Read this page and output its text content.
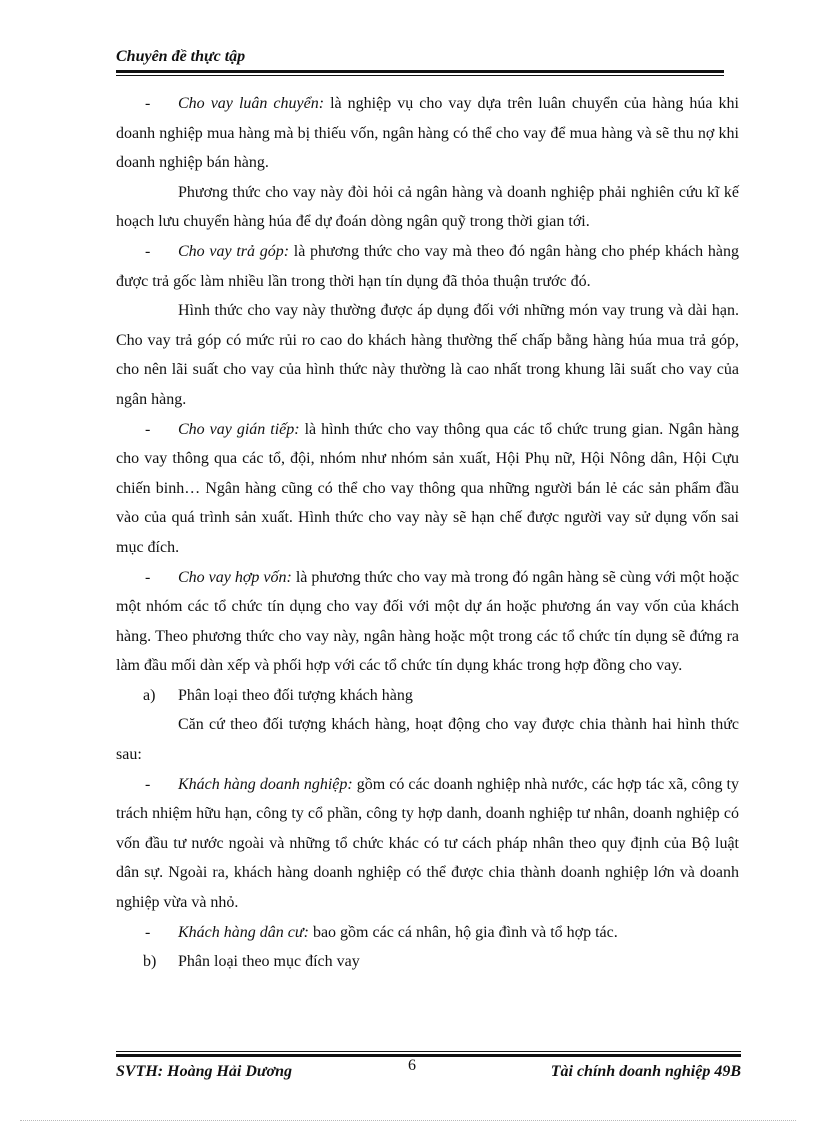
Chuyên đề thực tập

- Cho vay luân chuyển: là nghiệp vụ cho vay dựa trên luân chuyển của hàng húa khi doanh nghiệp mua hàng mà bị thiếu vốn, ngân hàng có thể cho vay để mua hàng và sẽ thu nợ khi doanh nghiệp bán hàng.

Phương thức cho vay này đòi hỏi cả ngân hàng và doanh nghiệp phải nghiên cứu kĩ kế hoạch lưu chuyển hàng húa để dự đoán dòng ngân quỹ trong thời gian tới.

- Cho vay trả góp: là phương thức cho vay mà theo đó ngân hàng cho phép khách hàng được trả gốc làm nhiều lần trong thời hạn tín dụng đã thỏa thuận trước đó.

Hình thức cho vay này thường được áp dụng đối với những món vay trung và dài hạn. Cho vay trả góp có mức rủi ro cao do khách hàng thường thế chấp bằng hàng húa mua trả góp, cho nên lãi suất cho vay của hình thức này thường là cao nhất trong khung lãi suất cho vay của ngân hàng.

- Cho vay gián tiếp: là hình thức cho vay thông qua các tổ chức trung gian. Ngân hàng cho vay thông qua các tổ, đội, nhóm như nhóm sản xuất, Hội Phụ nữ, Hội Nông dân, Hội Cựu chiến binh… Ngân hàng cũng có thể cho vay thông qua những người bán lẻ các sản phẩm đầu vào của quá trình sản xuất. Hình thức cho vay này sẽ hạn chế được người vay sử dụng vốn sai mục đích.

- Cho vay hợp vốn: là phương thức cho vay mà trong đó ngân hàng sẽ cùng với một hoặc một nhóm các tổ chức tín dụng cho vay đối với một dự án hoặc phương án vay vốn của khách hàng. Theo phương thức cho vay này, ngân hàng hoặc một trong các tổ chức tín dụng sẽ đứng ra làm đầu mối dàn xếp và phối hợp với các tổ chức tín dụng khác trong hợp đồng cho vay.

a) Phân loại theo đối tượng khách hàng

Căn cứ theo đối tượng khách hàng, hoạt động cho vay được chia thành hai hình thức sau:

- Khách hàng doanh nghiệp: gồm có các doanh nghiệp nhà nước, các hợp tác xã, công ty trách nhiệm hữu hạn, công ty cổ phần, công ty hợp danh, doanh nghiệp tư nhân, doanh nghiệp có vốn đầu tư nước ngoài và những tổ chức khác có tư cách pháp nhân theo quy định của Bộ luật dân sự. Ngoài ra, khách hàng doanh nghiệp có thể được chia thành doanh nghiệp lớn và doanh nghiệp vừa và nhỏ.

- Khách hàng dân cư: bao gồm các cá nhân, hộ gia đình và tổ hợp tác.

b) Phân loại theo mục đích vay

SVTH: Hoàng Hải Dương	6	Tài chính doanh nghiệp 49B
